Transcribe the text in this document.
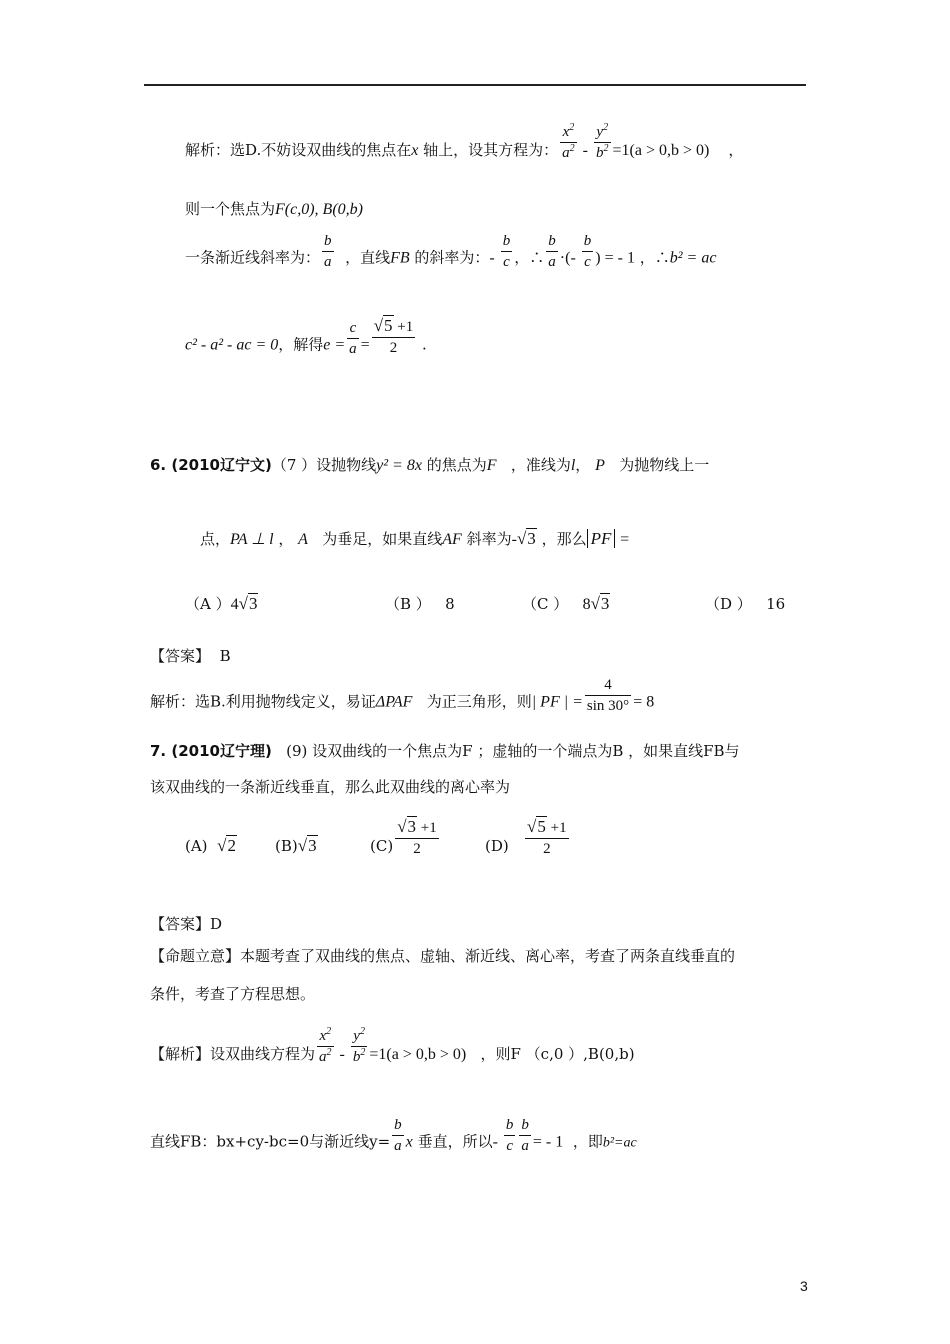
解析：选D.不妨设双曲线的焦点在x 轴上，设其方程为： $\frac{x^2}{a^2} - \frac{y^2}{b^2} =1(a > 0,b > 0)$ ，
则一个焦点为F(c,0), B(0,b)
一条渐近线斜率为： $\frac{b}{a}$ ，直线FB 的斜率为：- $\frac{b}{c}$ ，∴ $\frac{b}{a}$ ·(- $\frac{b}{c}$ ) = - 1 ，∴b² = ac
c² - a² - ac = 0，解得$e = \frac{c}{a} = \frac{√5 +1}{2}$ .
6. (2010辽宁文)（7 ）设抛物线y² = 8x 的焦点为F ，准线为l， P 为抛物线上一
点，PA ⊥ l ， A 为垂足，如果直线AF 斜率为-√3 ，那么 PF =
（A ）4√3	（B ） 8	（C ） 8√3	（D ） 16
【答案】 B
解析：选B.利用抛物线定义，易证ΔPAF 为正三角形，则| PF | = $\frac{4}{\sin 30^\circ} = 8$
7. (2010辽宁理) (9) 设双曲线的一个焦点为F ；虚轴的一个端点为B ，如果直线FB与
该双曲线的一条渐近线垂直，那么此双曲线的离心率为
(A) √2	(B)√3	$(C) \frac{√3 +1}{2}$	$(D) \frac{√5 +1}{2}$
【答案】D
【命题立意】本题考查了双曲线的焦点、虚轴、渐近线、离心率，考查了两条直线垂直的
条件，考查了方程思想。
【解析】设双曲线方程为 $\frac{x^2}{a^2} - \frac{y^2}{b^2} =1(a > 0,b > 0)$ ，则F （c,0 ）,B(0,b)
直线FB：bx+cy-bc=0与渐近线$y= \frac{b}{a}$ x 垂直，所以- $\frac{b}{c} \frac{b}{a}$ = - 1 ，即b²=ac
3
